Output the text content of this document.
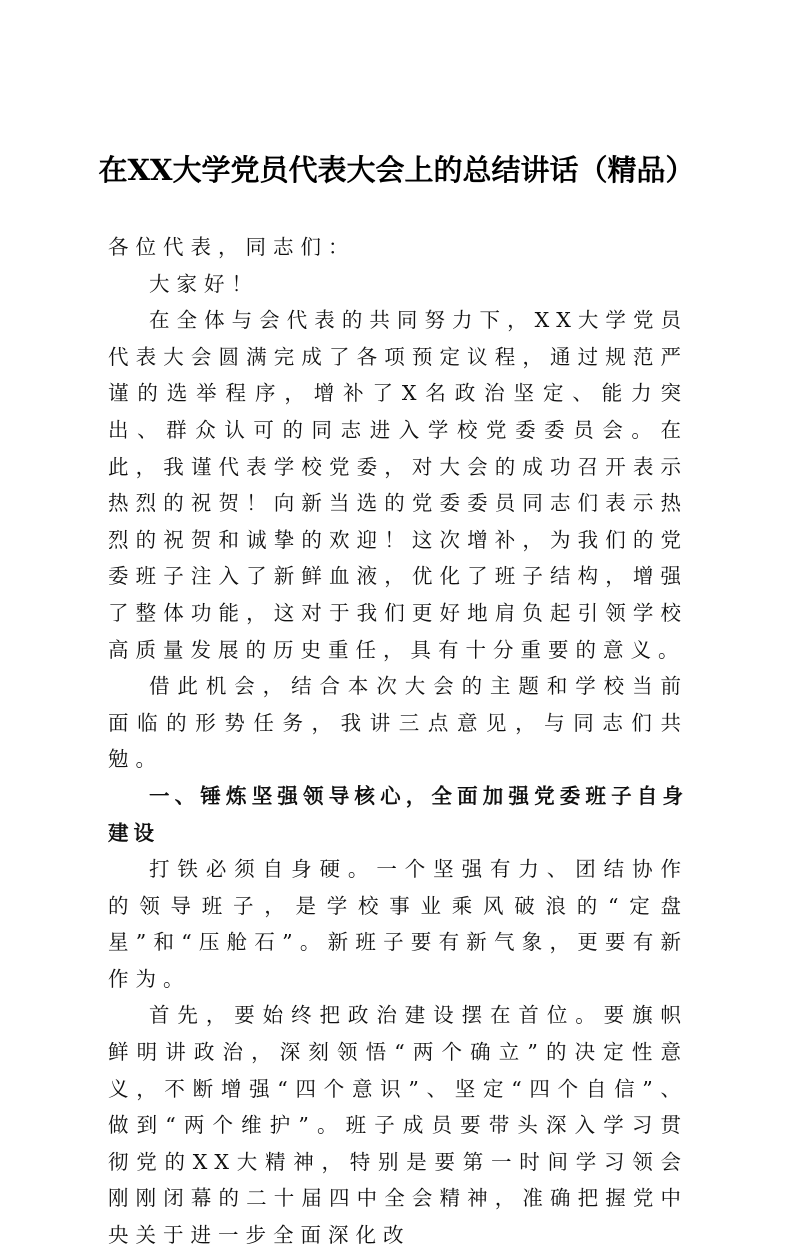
在XX大学党员代表大会上的总结讲话（精品）

各位代表，同志们：

大家好！

在全体与会代表的共同努力下，XX大学党员代表大会圆满完成了各项预定议程，通过规范严谨的选举程序，增补了X名政治坚定、能力突出、群众认可的同志进入学校党委委员会。在此，我谨代表学校党委，对大会的成功召开表示热烈的祝贺！向新当选的党委委员同志们表示热烈的祝贺和诚挚的欢迎！这次增补，为我们的党委班子注入了新鲜血液，优化了班子结构，增强了整体功能，这对于我们更好地肩负起引领学校高质量发展的历史重任，具有十分重要的意义。

借此机会，结合本次大会的主题和学校当前面临的形势任务，我讲三点意见，与同志们共勉。

一、锤炼坚强领导核心，全面加强党委班子自身建设

打铁必须自身硬。一个坚强有力、团结协作的领导班子，是学校事业乘风破浪的“定盘星”和“压舱石”。新班子要有新气象，更要有新作为。

首先，要始终把政治建设摆在首位。要旗帜鲜明讲政治，深刻领悟“两个确立”的决定性意义，不断增强“四个意识”、坚定“四个自信”、做到“两个维护”。班子成员要带头深入学习贯彻党的XX大精神，特别是要第一时间学习领会刚刚闭幕的二十届四中全会精神，准确把握党中央关于进一步全面深化改
